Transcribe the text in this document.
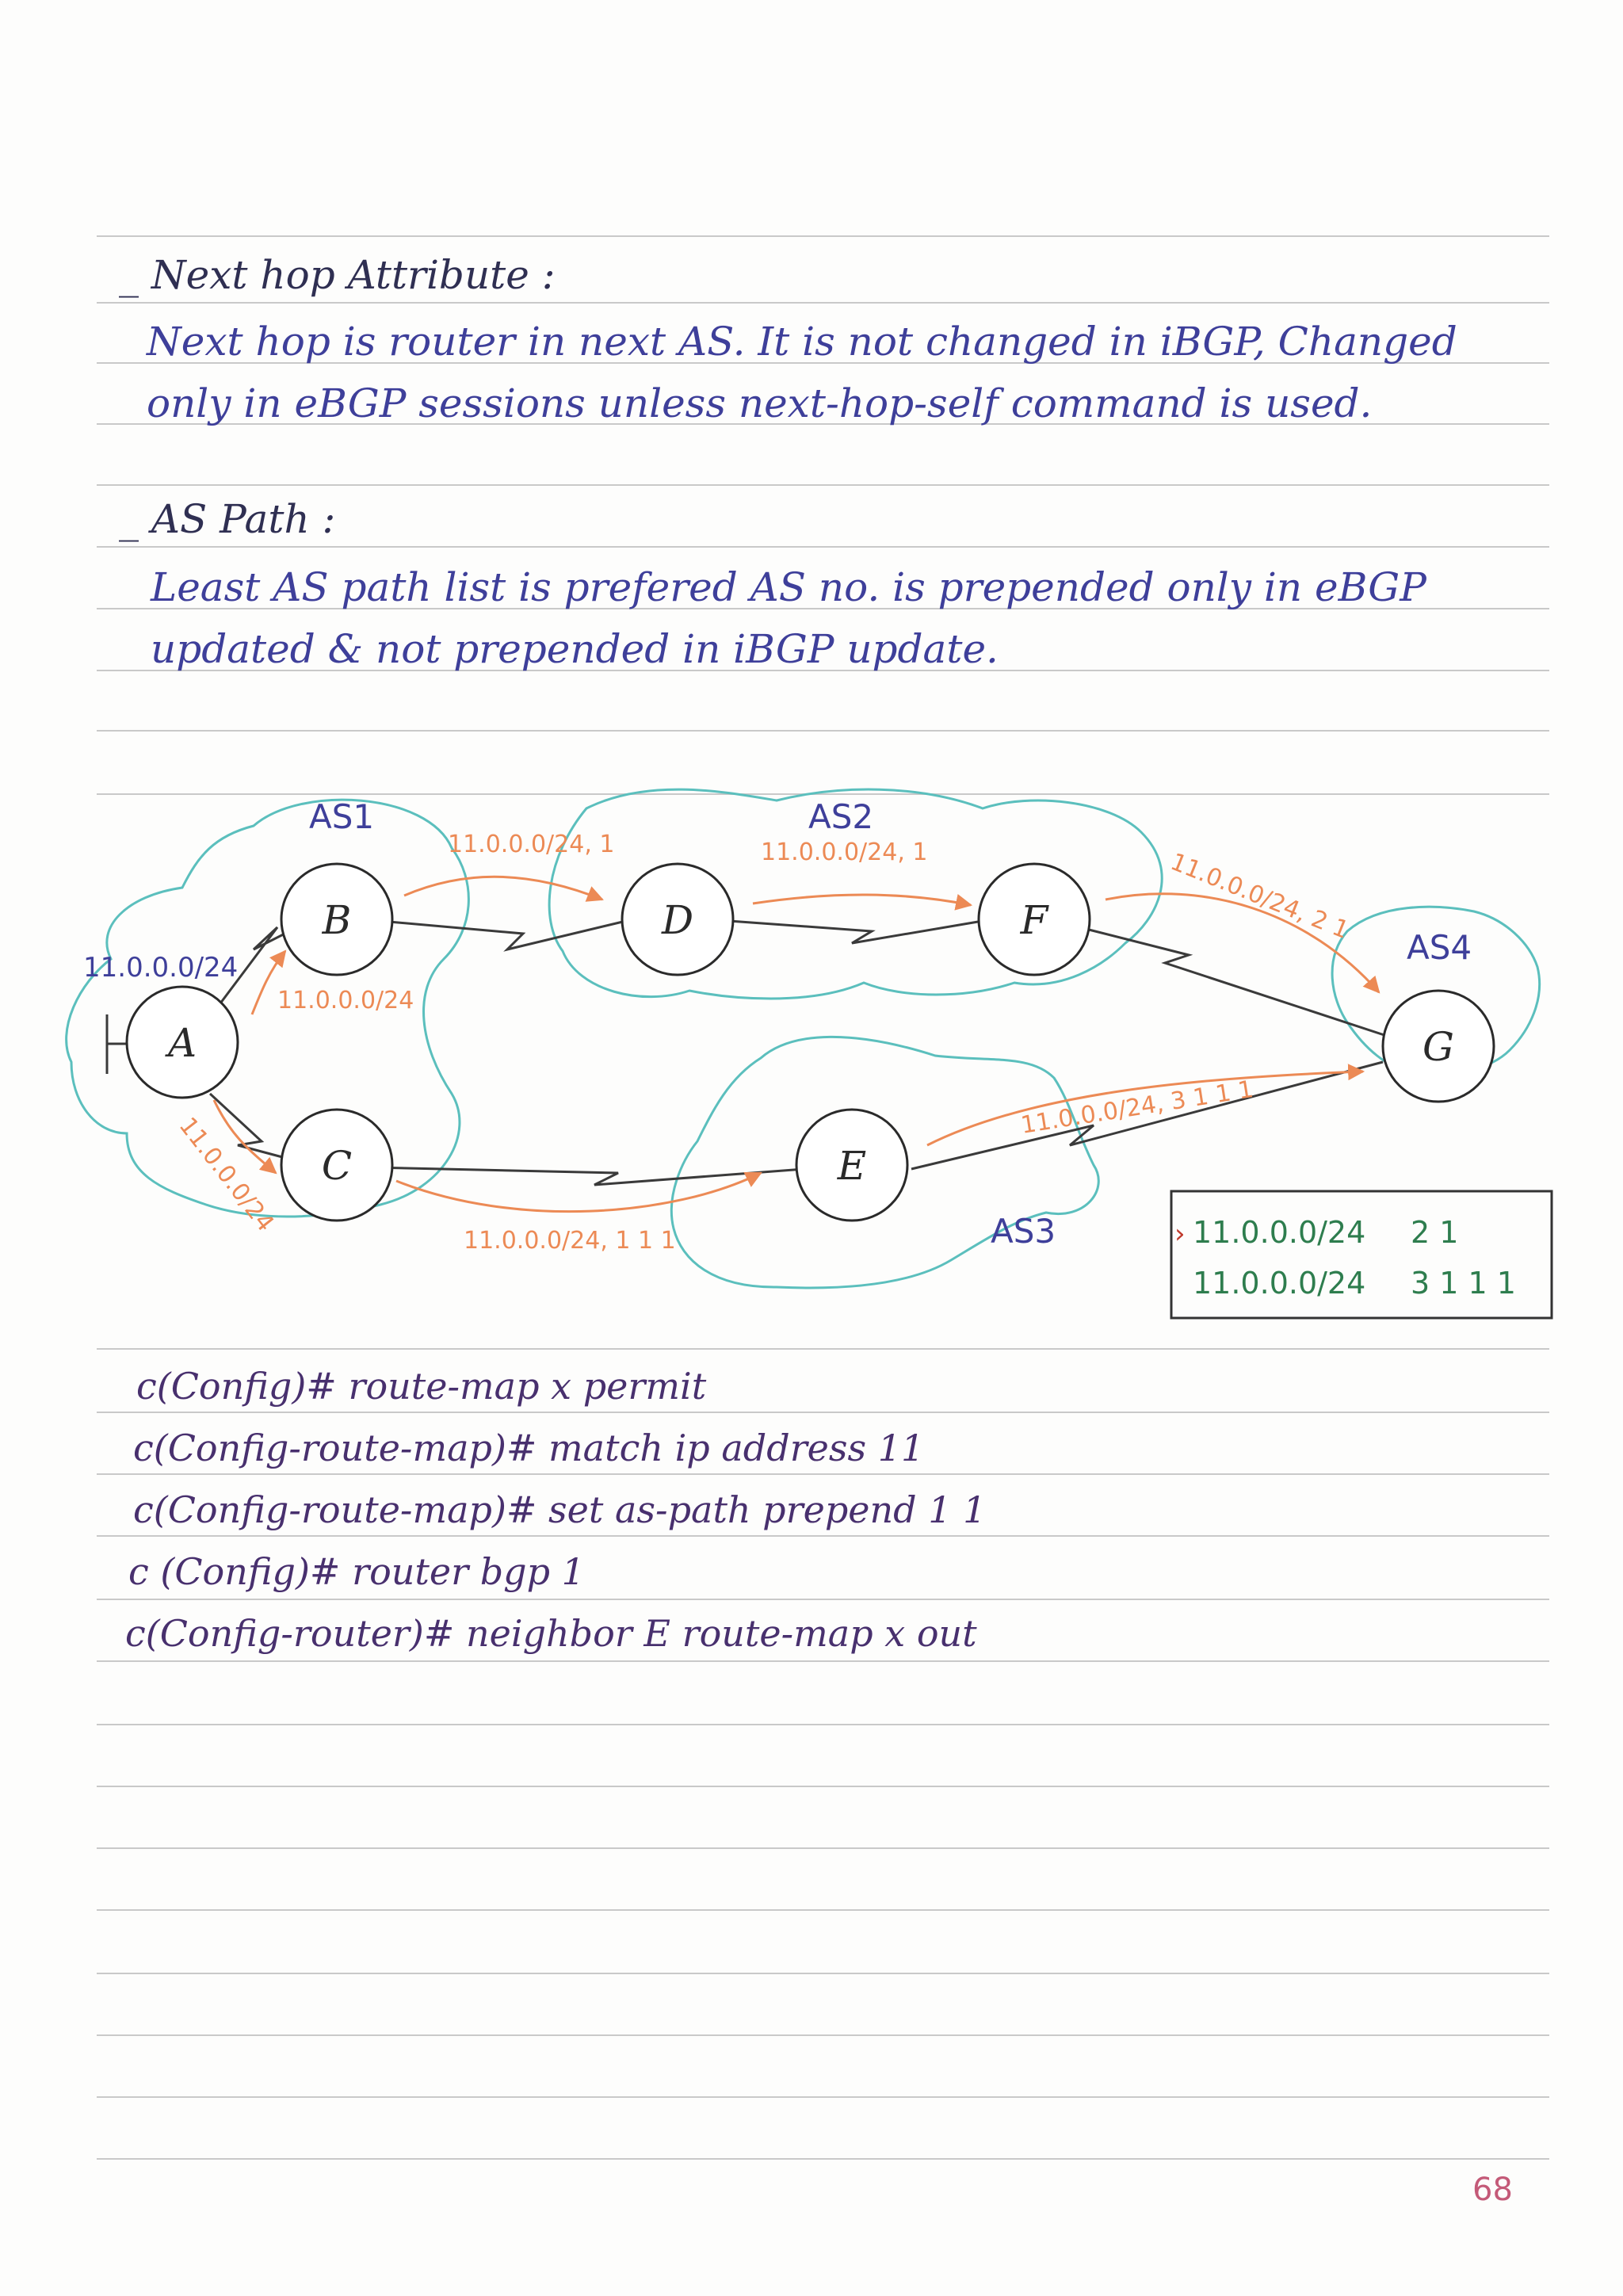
_ Next hop Attribute :
Next hop is router in next AS. It is not changed in iBGP, Changed
only in eBGP sessions unless next-hop-self command is used.
_ AS Path :
Least AS path list is prefered AS no. is prepended only in eBGP
updated & not prepended in iBGP update.
A
B
C
D
E
F
G
AS1	AS2
AS3
AS4
11.0.0.0/24
11.0.0.0/24
11.0.0.0/24
11.0.0.0/24, 1	11.0.0.0/24, 1	11.0.0.0/24, 2 1
11.0.0.0/24, 1 1 1
11.0.0.0/24, 3 1 1 1
› 11.0.0.0/24 2 1
11.0.0.0/24 3 1 1 1
c(Config)# route-map x permit
c(Config-route-map)# match ip address 11
c(Config-route-map)# set as-path prepend 1 1
c (Config)# router bgp 1
c(Config-router)# neighbor E route-map x out
68
